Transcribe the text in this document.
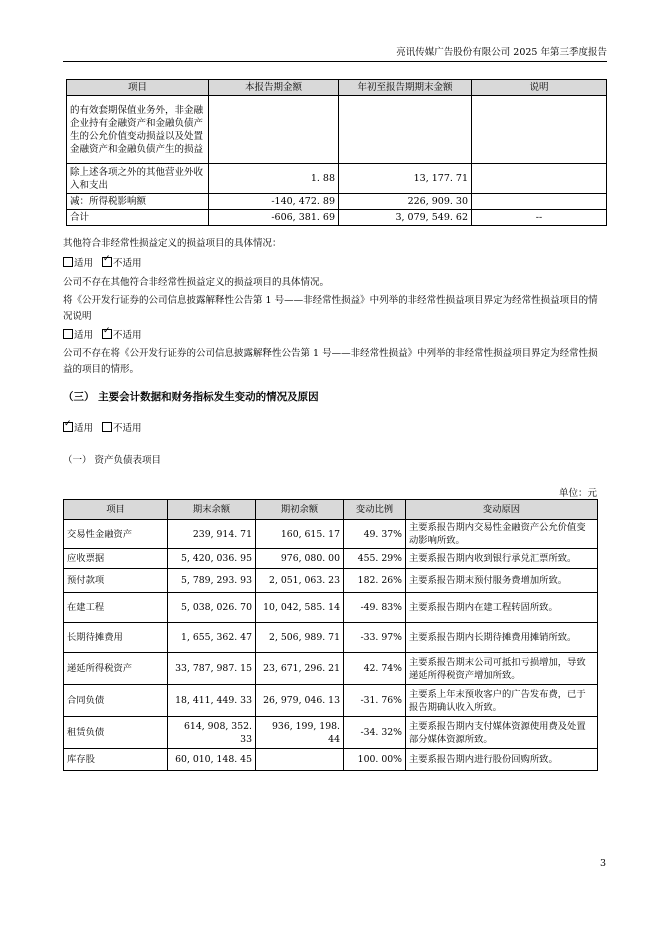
亮讯传媒广告股份有限公司 2025 年第三季度报告
项目	本报告期金额	年初至报告期期末金额	说明
的有效套期保值业务外，非金融企业持有金融资产和金融负债产生的公允价值变动损益以及处置金融资产和金融负债产生的损益			
除上述各项之外的其他营业外收入和支出	1. 88	13, 177. 71	
减：所得税影响额	-140, 472. 89	226, 909. 30	
合计	-606, 381. 69	3, 079, 549. 62	--
其他符合非经常性损益定义的损益项目的具体情况：
适用 ✓ 不适用
公司不存在其他符合非经常性损益定义的损益项目的具体情况。
将《公开发行证券的公司信息披露解释性公告第 1 号——非经常性损益》中列举的非经常性损益项目界定为经常性损益项目的情况说明
适用 ✓ 不适用
公司不存在将《公开发行证券的公司信息披露解释性公告第 1 号——非经常性损益》中列举的非经常性损益项目界定为经常性损益的项目的情形。
（三） 主要会计数据和财务指标发生变动的情况及原因
✓适用 不适用
（一） 资产负债表项目
单位：元
项目	期末余额	期初余额	变动比例	变动原因
交易性金融资产	239, 914. 71	160, 615. 17	49. 37%	主要系报告期内交易性金融资产公允价值变动影响所致。
应收票据	5, 420, 036. 95	976, 080. 00	455. 29%	主要系报告期内收到银行承兑汇票所致。
预付款项	5, 789, 293. 93	2, 051, 063. 23	182. 26%	主要系报告期末预付服务费增加所致。
在建工程	5, 038, 026. 70	10, 042, 585. 14	-49. 83%	主要系报告期内在建工程转固所致。
长期待摊费用	1, 655, 362. 47	2, 506, 989. 71	-33. 97%	主要系报告期内长期待摊费用摊销所致。
递延所得税资产	33, 787, 987. 15	23, 671, 296. 21	42. 74%	主要系报告期末公司可抵扣亏损增加，导致递延所得税资产增加所致。
合同负债	18, 411, 449. 33	26, 979, 046. 13	-31. 76%	主要系上年末预收客户的广告发布费，已于报告期确认收入所致。
租赁负债	614, 908, 352. 33	936, 199, 198. 44	-34. 32%	主要系报告期内支付媒体资源使用费及处置部分媒体资源所致。
库存股	60, 010, 148. 45		100. 00%	主要系报告期内进行股份回购所致。
3
